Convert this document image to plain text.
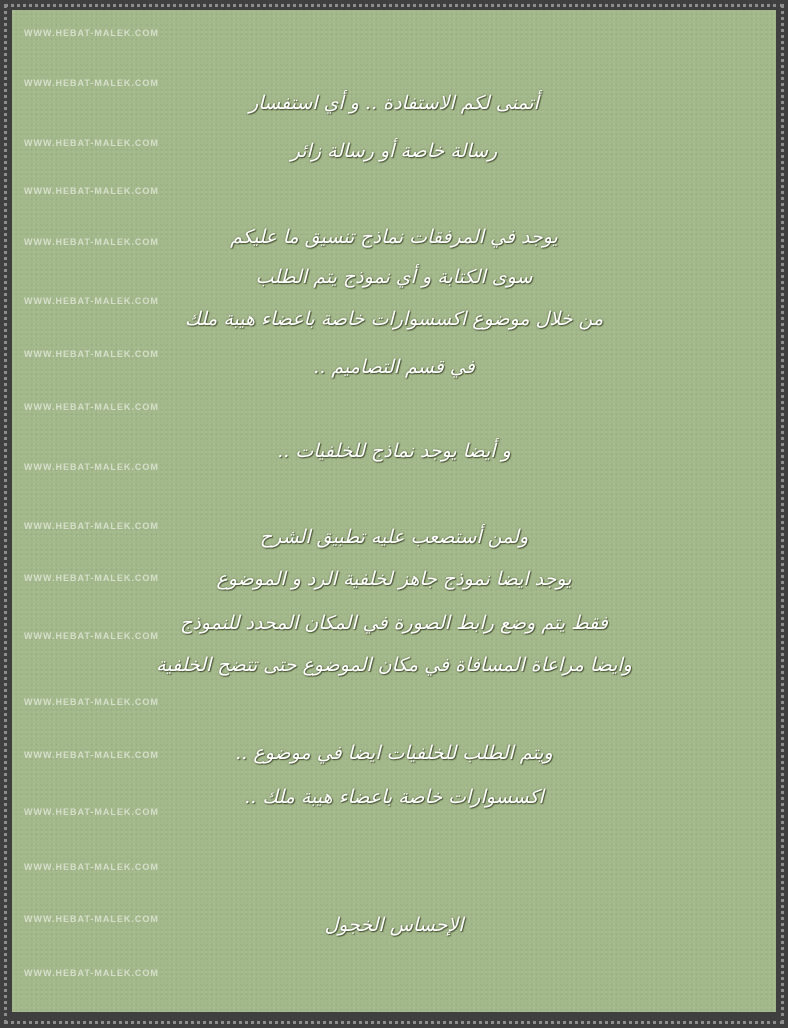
WWW.HEBAT-MALEK.COM
WWW.HEBAT-MALEK.COM
WWW.HEBAT-MALEK.COM
WWW.HEBAT-MALEK.COM
WWW.HEBAT-MALEK.COM
WWW.HEBAT-MALEK.COM
WWW.HEBAT-MALEK.COM
WWW.HEBAT-MALEK.COM
WWW.HEBAT-MALEK.COM
WWW.HEBAT-MALEK.COM
WWW.HEBAT-MALEK.COM
WWW.HEBAT-MALEK.COM
WWW.HEBAT-MALEK.COM
WWW.HEBAT-MALEK.COM
WWW.HEBAT-MALEK.COM
WWW.HEBAT-MALEK.COM
WWW.HEBAT-MALEK.COM
WWW.HEBAT-MALEK.COM
أتمنى لكم الاستفادة .. و أي استفسار
رسالة خاصة أو رسالة زائر
يوجد في المرفقات نماذج تنسيق ما عليكم
سوى الكتابة و أي نموذج يتم الطلب
من خلال موضوع اكسسوارات خاصة باعضاء هيبة ملك
في قسم التصاميم ..
و أيضا يوجد نماذج للخلفيات ..
ولمن أستصعب عليه تطبيق الشرح
يوجد ايضا نموذج جاهز لخلفية الرد و الموضوع
فقط يتم وضع رابط الصورة في المكان المحدد للنموذج
وايضا مراعاة المسافاة في مكان الموضوع حتى تتضح الخلفية
ويتم الطلب للخلفيات ايضا في موضوع ..
اكسسوارات خاصة باعضاء هيبة ملك ..
الإحساس الخجول
